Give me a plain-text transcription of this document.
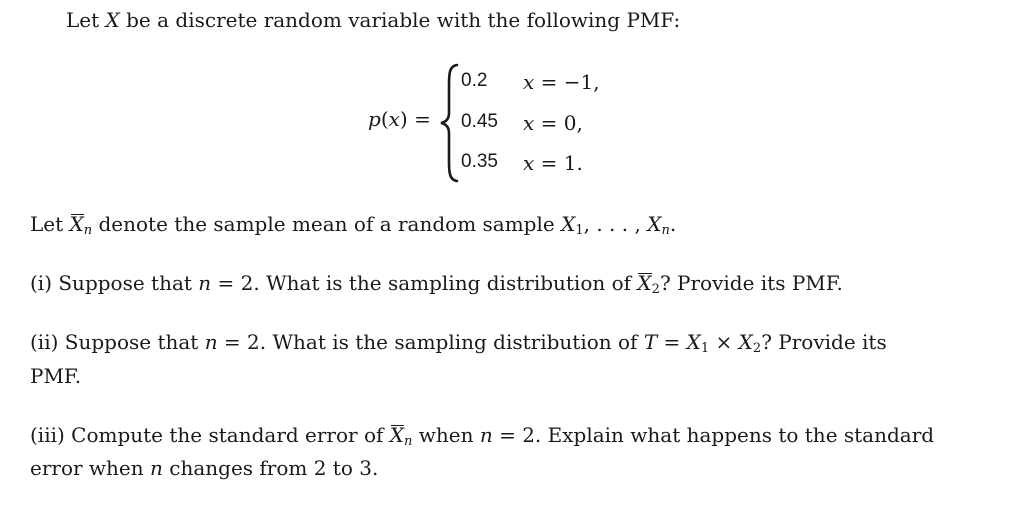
Let X be a discrete random variable with the following PMF:
p(x) =
0.2 x = −1,
0.45 x = 0,
0.35 x = 1.
Let $X_n$ denote the sample mean of a random sample $X_1$, . . . , $X_n$.
(i) Suppose that n = 2. What is the sampling distribution of $X_2$? Provide its PMF.
(ii) Suppose that n = 2. What is the sampling distribution of $T = X_1 \times X_2$? Provide its
PMF.
(iii) Compute the standard error of $X_n$ when n = 2. Explain what happens to the standard
error when n changes from 2 to 3.
